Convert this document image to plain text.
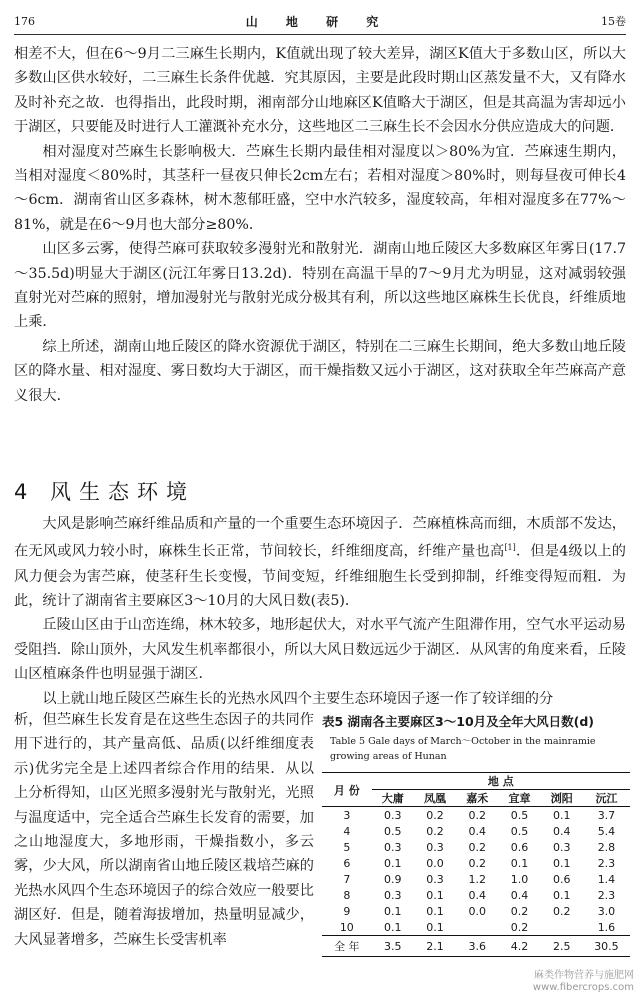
176	山 地 研 究	15卷

相差不大，但在6～9月二三麻生长期内，K值就出现了较大差异，湖区K值大于多数山区，所以大多数山区供水较好，二三麻生长条件优越．究其原因，主要是此段时期山区蒸发量不大，又有降水及时补充之故．也得指出，此段时期，湘南部分山地麻区K值略大于湖区，但是其高温为害却远小于湖区，只要能及时进行人工灌溉补充水分，这些地区二三麻生长不会因水分供应造成大的问题．

相对湿度对苎麻生长影响极大．苎麻生长期内最佳相对湿度以＞80%为宜．苎麻速生期内，当相对湿度＜80%时，其茎秆一昼夜只伸长2cm左右；若相对湿度＞80%时，则每昼夜可伸长4～6cm．湖南省山区多森林，树木葱郁旺盛，空中水汽较多，湿度较高，年相对湿度多在77%～81%，就是在6～9月也大部分≥80%．

山区多云雾，使得苎麻可获取较多漫射光和散射光．湖南山地丘陵区大多数麻区年雾日(17.7～35.5d)明显大于湖区(沅江年雾日13.2d)．特别在高温干旱的7～9月尤为明显，这对减弱较强直射光对苎麻的照射，增加漫射光与散射光成分极其有利，所以这些地区麻株生长优良，纤维质地上乘．

综上所述，湖南山地丘陵区的降水资源优于湖区，特别在二三麻生长期间，绝大多数山地丘陵区的降水量、相对湿度、雾日数均大于湖区，而干燥指数又远小于湖区，这对获取全年苎麻高产意义很大．

4 风生态环境

大风是影响苎麻纤维品质和产量的一个重要生态环境因子．苎麻植株高而细，木质部不发达，在无风或风力较小时，麻株生长正常，节间较长，纤维细度高，纤维产量也高[1]．但是4级以上的风力便会为害苎麻，使茎秆生长变慢，节间变短，纤维细胞生长受到抑制，纤维变得短而粗．为此，统计了湖南省主要麻区3～10月的大风日数(表5)．

丘陵山区由于山峦连绵，林木较多，地形起伏大，对水平气流产生阻滞作用，空气水平运动易受阻挡．除山顶外，大风发生机率都很小，所以大风日数远远少于湖区．从风害的角度来看，丘陵山区植麻条件也明显强于湖区．

以上就山地丘陵区苎麻生长的光热水风四个主要生态环境因子逐一作了较详细的分

析，但苎麻生长发育是在这些生态因子的共同作用下进行的，其产量高低、品质(以纤维细度表示)优劣完全是上述四者综合作用的结果．从以上分析得知，山区光照多漫射光与散射光，光照与温度适中，完全适合苎麻生长发育的需要，加之山地湿度大，多地形雨，干燥指数小，多云雾，少大风，所以湖南省山地丘陵区栽培苎麻的光热水风四个生态环境因子的综合效应一般要比湖区好．但是，随着海拔增加，热量明显减少，大风显著增多，苎麻生长受害机率

表5 湖南各主要麻区3～10月及全年大风日数(d)
Table 5 Gale days of March～October in the mainramie growing areas of Hunan
月 份	地 点					
	大庸	凤凰	嘉禾	宜章	浏阳	沅江
3	0.3	0.2	0.2	0.5	0.1	3.7
4	0.5	0.2	0.4	0.5	0.4	5.4
5	0.3	0.3	0.2	0.6	0.3	2.8
6	0.1	0.0	0.2	0.1	0.1	2.3
7	0.9	0.3	1.2	1.0	0.6	1.4
8	0.3	0.1	0.4	0.4	0.1	2.3
9	0.1	0.1	0.0	0.2	0.2	3.0
10	0.1	0.1		0.2		1.6
全 年	3.5	2.1	3.6	4.2	2.5	30.5
麻类作物营养与施肥网
www.fibercrops.com
